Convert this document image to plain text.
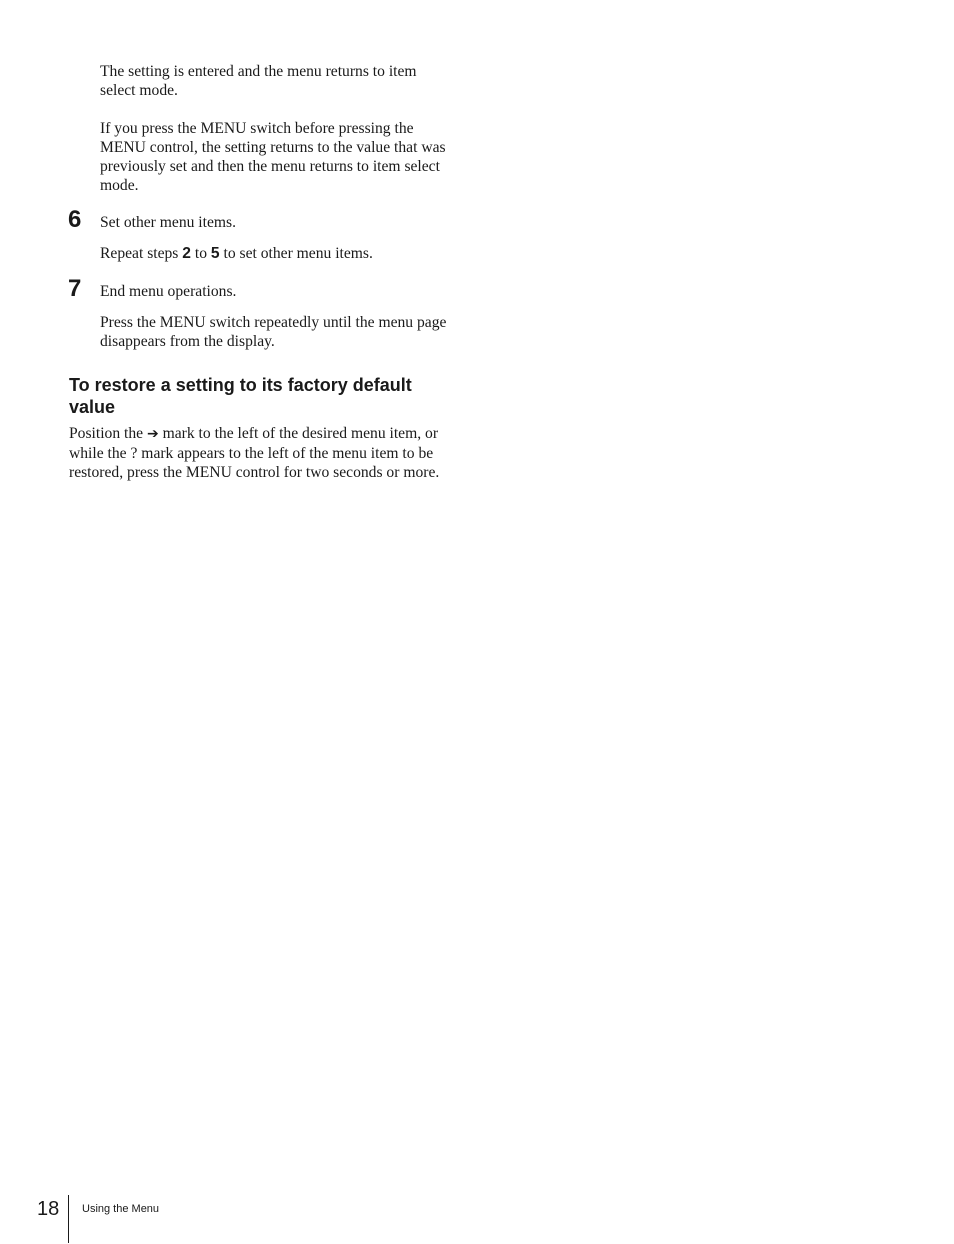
The setting is entered and the menu returns to item select mode.

If you press the MENU switch before pressing the MENU control, the setting returns to the value that was previously set and then the menu returns to item select mode.

6 Set other menu items.

Repeat steps 2 to 5 to set other menu items.

7 End menu operations.

Press the MENU switch repeatedly until the menu page disappears from the display.

To restore a setting to its factory default value

Position the ➔ mark to the left of the desired menu item, or while the ? mark appears to the left of the menu item to be restored, press the MENU control for two seconds or more.

18 Using the Menu
